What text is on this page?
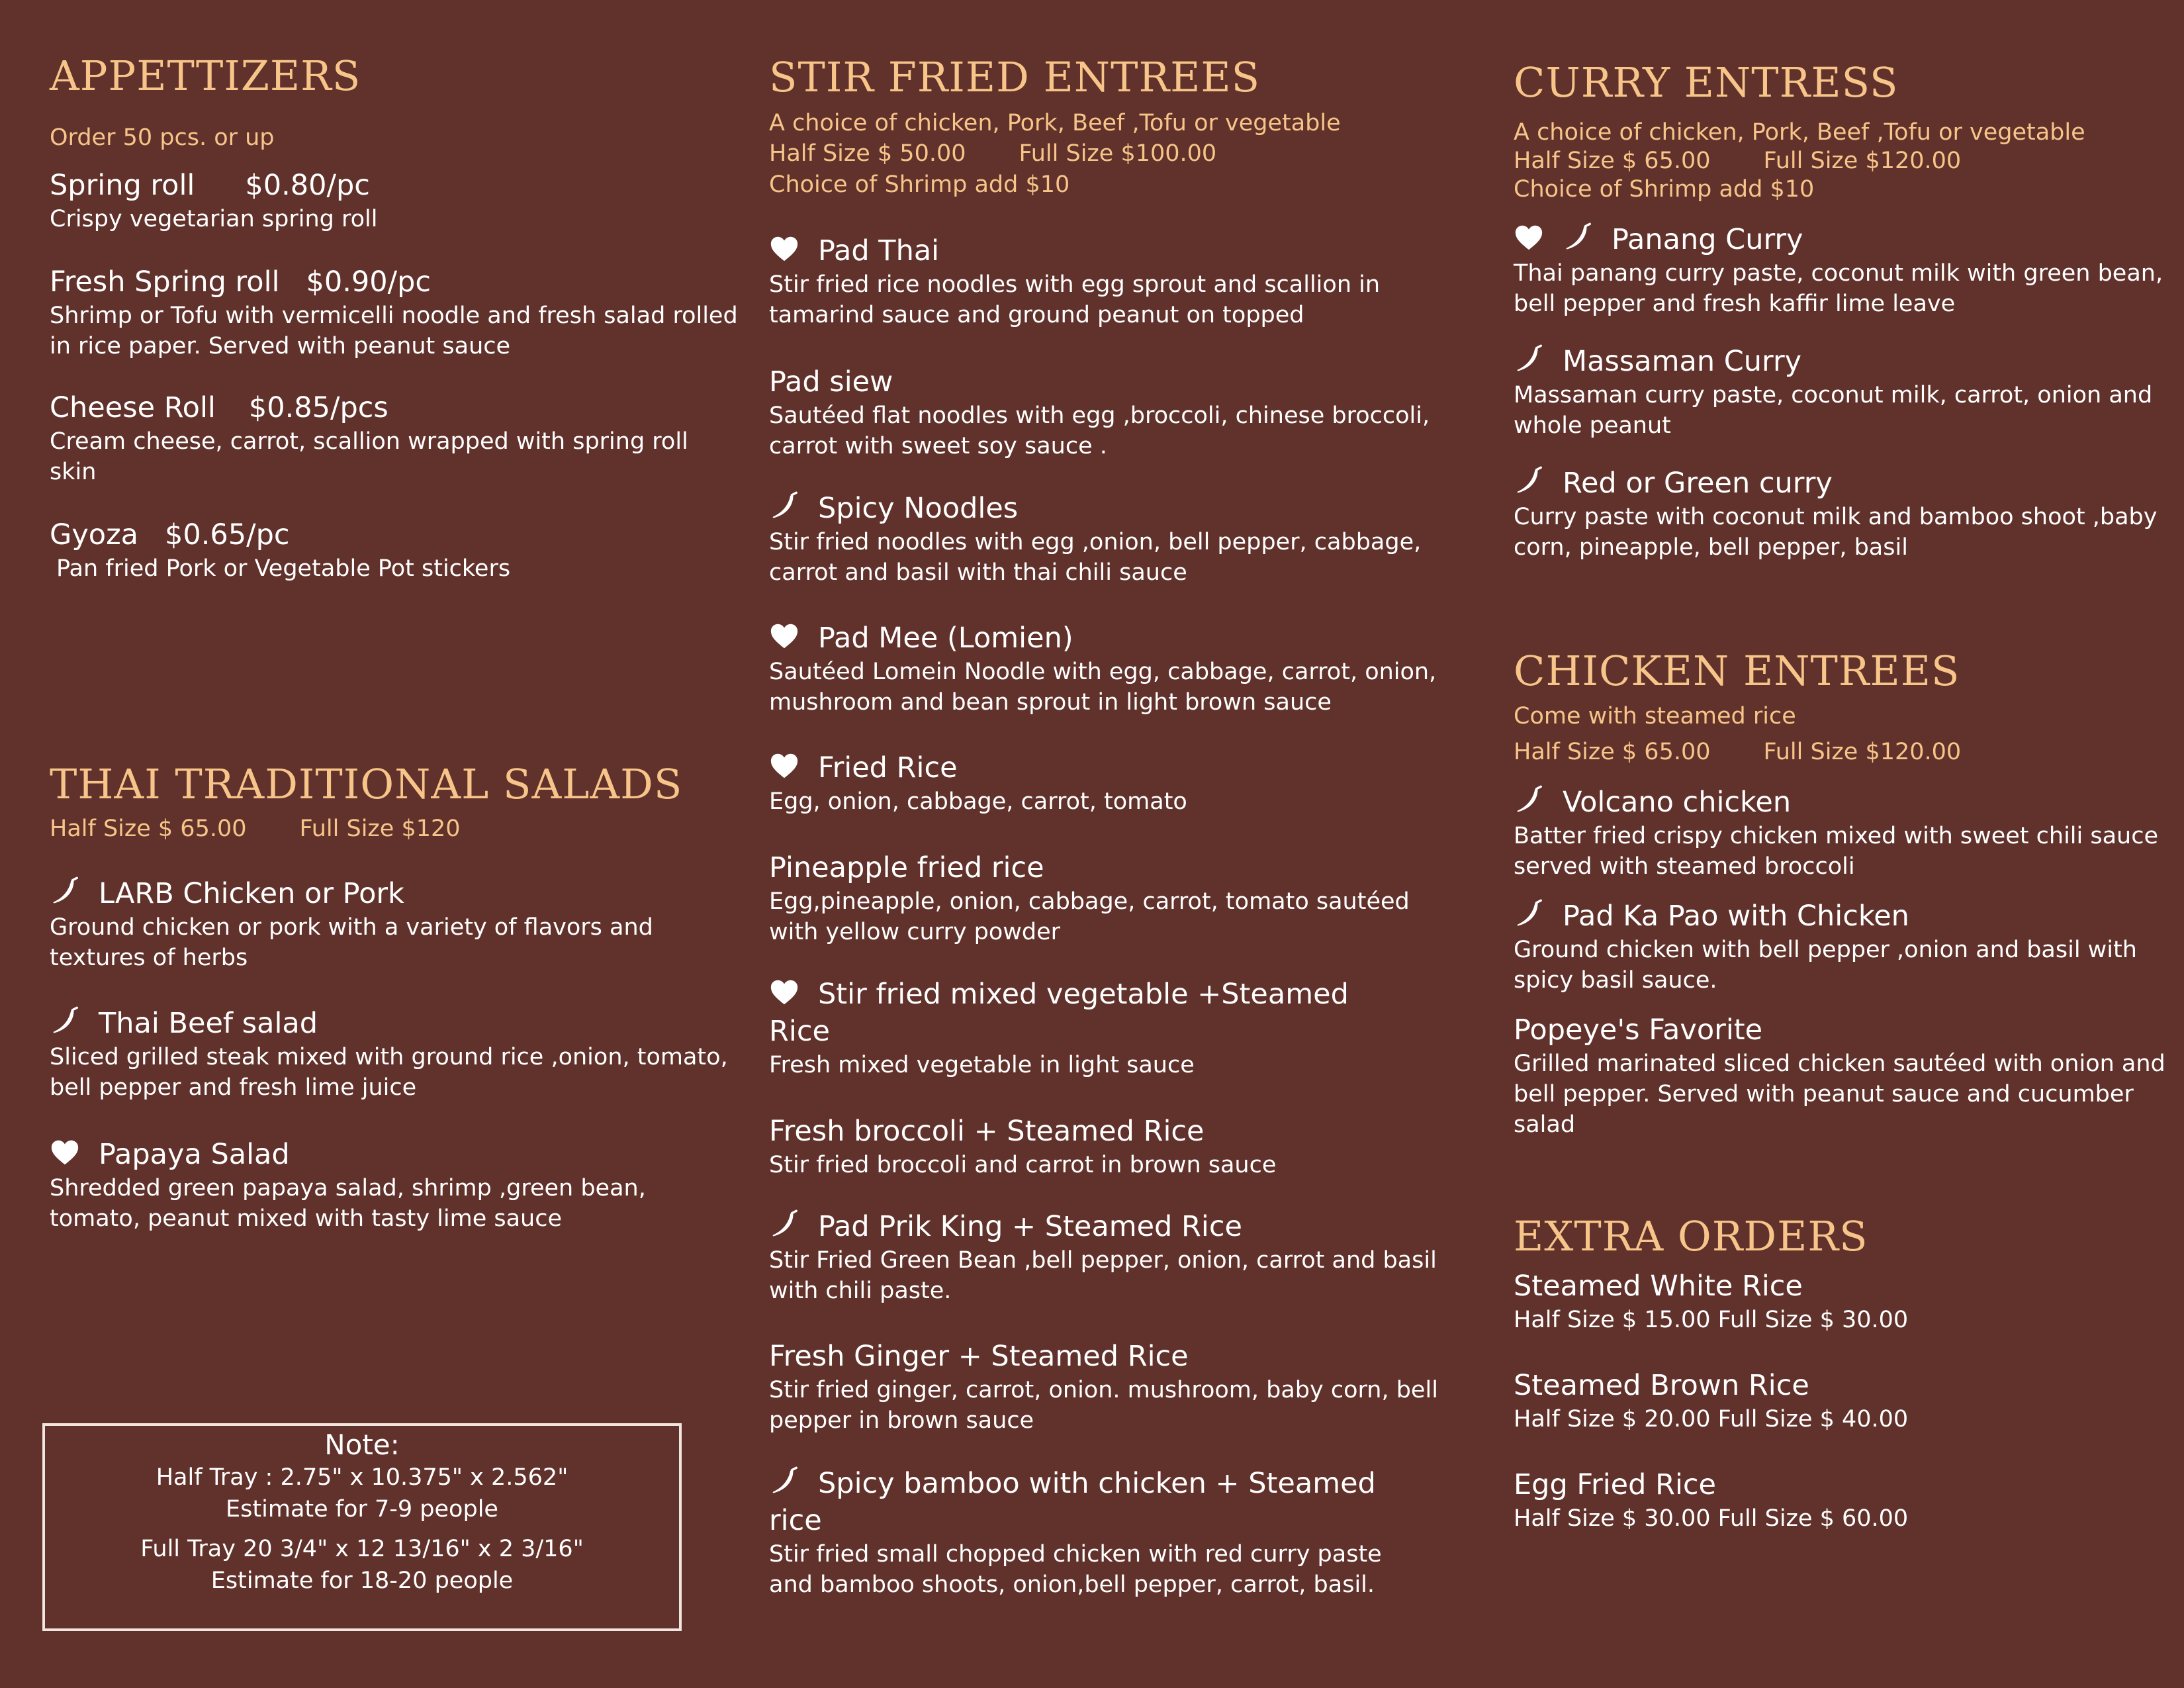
APPETTIZERS
Order 50 pcs. or up
Spring roll $0.80/pc
Crispy vegetarian spring roll
Fresh Spring roll $0.90/pc
Shrimp or Tofu with vermicelli noodle and fresh salad rolled in rice paper. Served with peanut sauce
Cheese Roll $0.85/pcs
Cream cheese, carrot, scallion wrapped with spring roll skin
Gyoza $0.65/pc
Pan fried Pork or Vegetable Pot stickers
THAI TRADITIONAL SALADS
Half Size $ 65.00 Full Size $120
LARB Chicken or Pork
Ground chicken or pork with a variety of flavors and textures of herbs
Thai Beef salad
Sliced grilled steak mixed with ground rice ,onion, tomato, bell pepper and fresh lime juice
Papaya Salad
Shredded green papaya salad, shrimp ,green bean, tomato, peanut mixed with tasty lime sauce
Note:
Half Tray : 2.75" x 10.375" x 2.562"
Estimate for 7-9 people
Full Tray 20 3/4" x 12 13/16" x 2 3/16"
Estimate for 18-20 people
STIR FRIED ENTREES
A choice of chicken, Pork, Beef ,Tofu or vegetable
Half Size $ 50.00 Full Size $100.00
Choice of Shrimp add $10
Pad Thai
Stir fried rice noodles with egg sprout and scallion in tamarind sauce and ground peanut on topped
Pad siew
Sautéed flat noodles with egg ,broccoli, chinese broccoli, carrot with sweet soy sauce .
Spicy Noodles
Stir fried noodles with egg ,onion, bell pepper, cabbage, carrot and basil with thai chili sauce
Pad Mee (Lomien)
Sautéed Lomein Noodle with egg, cabbage, carrot, onion, mushroom and bean sprout in light brown sauce
Fried Rice
Egg, onion, cabbage, carrot, tomato
Pineapple fried rice
Egg,pineapple, onion, cabbage, carrot, tomato sautéed with yellow curry powder
Stir fried mixed vegetable +Steamed Rice
Fresh mixed vegetable in light sauce
Fresh broccoli + Steamed Rice
Stir fried broccoli and carrot in brown sauce
Pad Prik King + Steamed Rice
Stir Fried Green Bean ,bell pepper, onion, carrot and basil with chili paste.
Fresh Ginger + Steamed Rice
Stir fried ginger, carrot, onion. mushroom, baby corn, bell pepper in brown sauce
Spicy bamboo with chicken + Steamed rice
Stir fried small chopped chicken with red curry paste and bamboo shoots, onion,bell pepper, carrot, basil.
CURRY ENTRESS
A choice of chicken, Pork, Beef ,Tofu or vegetable
Half Size $ 65.00 Full Size $120.00
Choice of Shrimp add $10
Panang Curry
Thai panang curry paste, coconut milk with green bean, bell pepper and fresh kaffir lime leave
Massaman Curry
Massaman curry paste, coconut milk, carrot, onion and whole peanut
Red or Green curry
Curry paste with coconut milk and bamboo shoot ,baby corn, pineapple, bell pepper, basil
CHICKEN ENTREES
Come with steamed rice
Half Size $ 65.00 Full Size $120.00
Volcano chicken
Batter fried crispy chicken mixed with sweet chili sauce served with steamed broccoli
Pad Ka Pao with Chicken
Ground chicken with bell pepper ,onion and basil with spicy basil sauce.
Popeye's Favorite
Grilled marinated sliced chicken sautéed with onion and bell pepper. Served with peanut sauce and cucumber salad
EXTRA ORDERS
Steamed White Rice
Half Size $ 15.00 Full Size $ 30.00
Steamed Brown Rice
Half Size $ 20.00 Full Size $ 40.00
Egg Fried Rice
Half Size $ 30.00 Full Size $ 60.00
